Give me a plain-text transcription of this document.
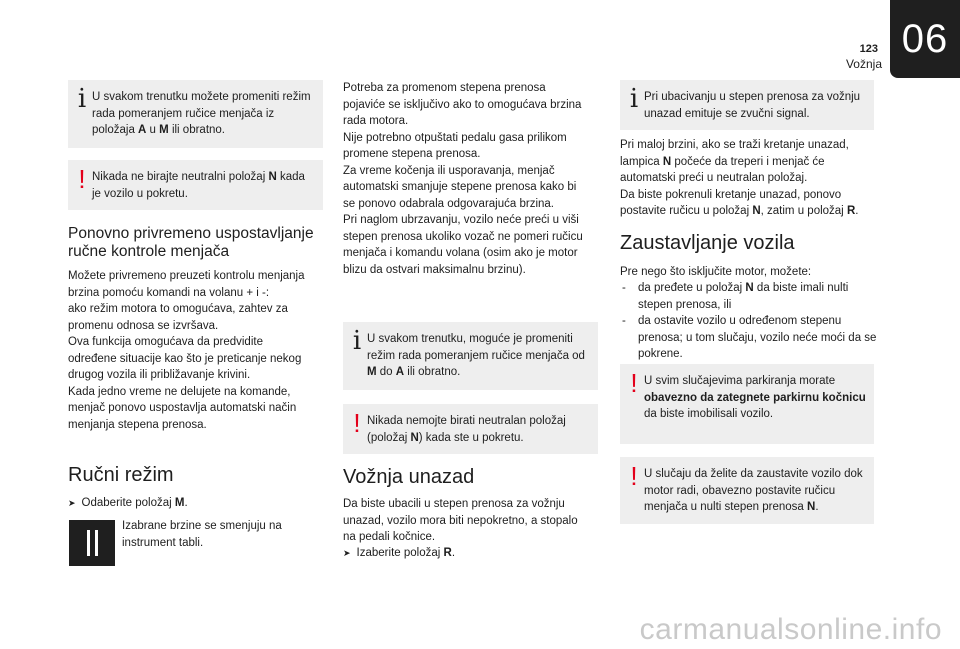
123
Vožnja
06
i U svakom trenutku možete promeniti režim rada pomeranjem ručice menjača iz položaja A u M ili obratno.
! Nikada ne birajte neutralni položaj N kada je vozilo u pokretu.
Ponovno privremeno uspostavljanje ručne kontrole menjača
Možete privremeno preuzeti kontrolu menjanja
brzina pomoću komandi na volanu + i -:
ako režim motora to omogućava, zahtev za
promenu odnosa se izvršava.
Ova funkcija omogućava da predvidite
određene situacije kao što je preticanje nekog
drugog vozila ili približavanje krivini.
Kada jedno vreme ne delujete na komande,
menjač ponovo uspostavlja automatski način
menjanja stepena prenosa.
Ručni režim
➤ Odaberite položaj M.
Izabrane brzine se smenjuju na instrument tabli.
Potreba za promenom stepena prenosa
pojaviće se isključivo ako to omogućava brzina
rada motora.
Nije potrebno otpuštati pedalu gasa prilikom
promene stepena prenosa.
Za vreme kočenja ili usporavanja, menjač
automatski smanjuje stepene prenosa kako bi
se ponovo odabrala odgovarajuća brzina.
Pri naglom ubrzavanju, vozilo neće preći u viši
stepen prenosa ukoliko vozač ne pomeri ručicu
menjača i komandu volana (osim ako je motor
blizu da ostvari maksimalnu brzinu).
i U svakom trenutku, moguće je promeniti režim rada pomeranjem ručice menjača od M do A ili obratno.
! Nikada nemojte birati neutralan položaj (položaj N) kada ste u pokretu.
Vožnja unazad
Da biste ubacili u stepen prenosa za vožnju
unazad, vozilo mora biti nepokretno, a stopalo
na pedali kočnice.
➤ Izaberite položaj R.
i Pri ubacivanju u stepen prenosa za vožnju unazad emituje se zvučni signal.
Pri maloj brzini, ako se traži kretanje unazad,
lampica N počeće da treperi i menjač će
automatski preći u neutralan položaj.
Da biste pokrenuli kretanje unazad, ponovo
postavite ručicu u položaj N, zatim u položaj R.
Zaustavljanje vozila
Pre nego što isključite motor, možete:
- da pređete u položaj N da biste imali nulti stepen prenosa, ili
- da ostavite vozilo u određenom stepenu prenosa; u tom slučaju, vozilo neće moći da se pokrene.
! U svim slučajevima parkiranja morate obavezno da zategnete parkirnu kočnicu da biste imobilisali vozilo.
! U slučaju da želite da zaustavite vozilo dok motor radi, obavezno postavite ručicu menjača u nulti stepen prenosa N.
carmanualsonline.info
